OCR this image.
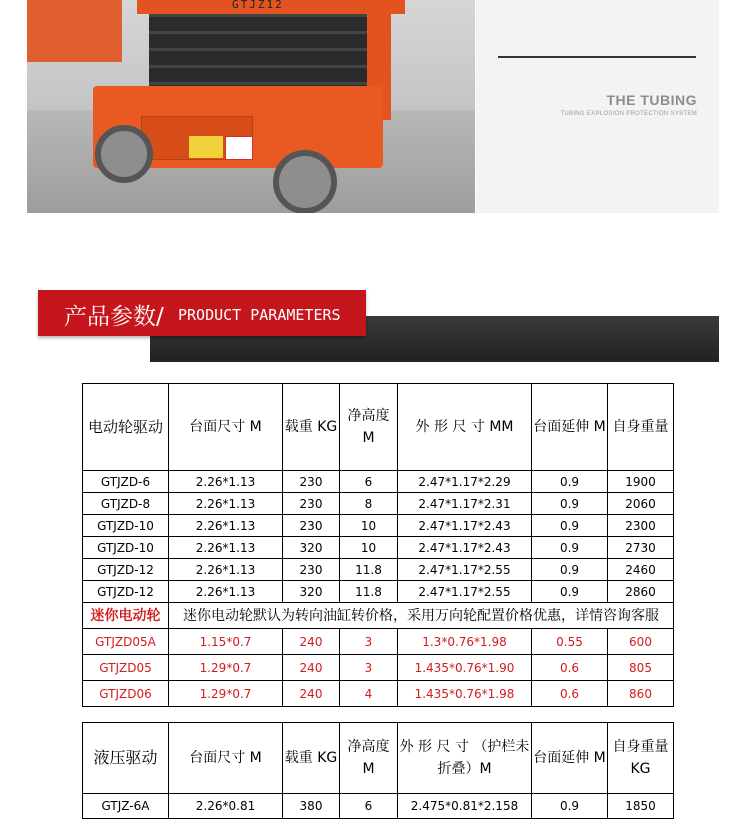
GTJZ12
THE TUBING
TUBING EXPLOSION PROTECTION SYSTEM
产品参数/ PRODUCT PARAMETERS
电动轮驱动	台面尺寸 M	载重 KG	净高度 M	外 形 尺 寸 MM	台面延伸 M	自身重量
GTJZD-6	2.26*1.13	230	6	2.47*1.17*2.29	0.9	1900
GTJZD-8	2.26*1.13	230	8	2.47*1.17*2.31	0.9	2060
GTJZD-10	2.26*1.13	230	10	2.47*1.17*2.43	0.9	2300
GTJZD-10	2.26*1.13	320	10	2.47*1.17*2.43	0.9	2730
GTJZD-12	2.26*1.13	230	11.8	2.47*1.17*2.55	0.9	2460
GTJZD-12	2.26*1.13	320	11.8	2.47*1.17*2.55	0.9	2860
迷你电动轮	迷你电动轮默认为转向油缸转价格，采用万向轮配置价格优惠，详情咨询客服					
GTJZD05A	1.15*0.7	240	3	1.3*0.76*1.98	0.55	600
GTJZD05	1.29*0.7	240	3	1.435*0.76*1.90	0.6	805
GTJZD06	1.29*0.7	240	4	1.435*0.76*1.98	0.6	860
液压驱动	台面尺寸 M	载重 KG	净高度 M	外 形 尺 寸 （护栏未折叠）M	台面延伸 M	自身重量 KG
GTJZ-6A	2.26*0.81	380	6	2.475*0.81*2.158	0.9	1850
